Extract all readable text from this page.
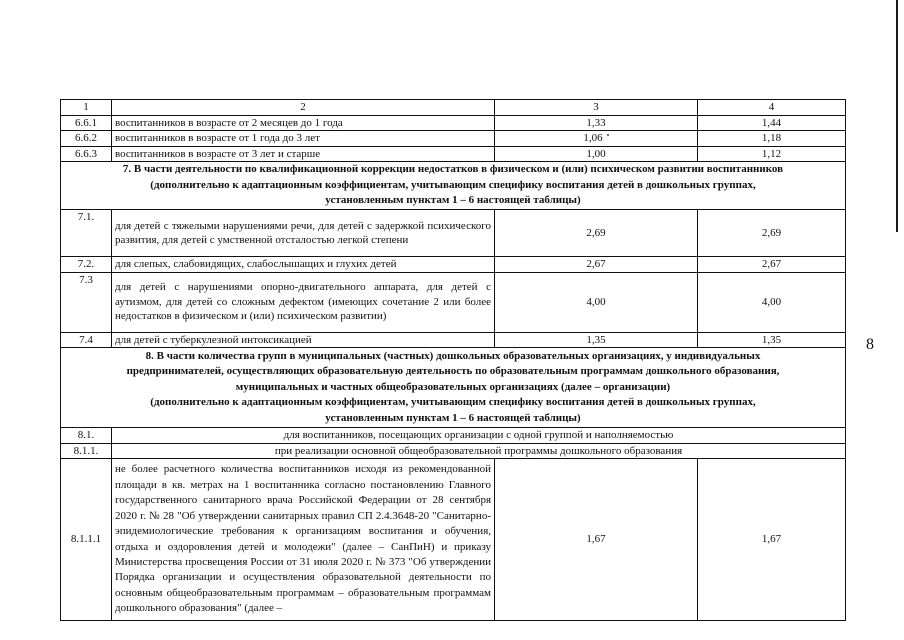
8
1	2	3	4
6.6.1	воспитанников в возрасте от 2 месяцев до 1 года	1,33	1,44
6.6.2	воспитанников в возрасте от 1 года до 3 лет	1,06	1,18
6.6.3	воспитанников в возрасте от 3 лет и старше	1,00	1,12

7. В части деятельности по квалификационной коррекции недостатков в физическом и (или) психическом развитии воспитанников
(дополнительно к адаптационным коэффициентам, учитывающим специфику воспитания детей в дошкольных группах,
установленным пунктам 1 – 6 настоящей таблицы)			

7.1.	для детей с тяжелыми нарушениями речи, для детей с задержкой психического развития, для детей с умственной отсталостью легкой степени	2,69	2,69
7.2.	для слепых, слабовидящих, слабослышащих и глухих детей	2,67	2,67
7.3	для детей с нарушениями опорно-двигательного аппарата, для детей с аутизмом, для детей со сложным дефектом (имеющих сочетание 2 или более недостатков в физическом и (или) психическом развитии)	4,00	4,00
7.4	для детей с туберкулезной интоксикацией	1,35	1,35

8. В части количества групп в муниципальных (частных) дошкольных образовательных организациях, у индивидуальных
предпринимателей, осуществляющих образовательную деятельность по образовательным программам дошкольного образования,
муниципальных и частных общеобразовательных организациях (далее – организации)
(дополнительно к адаптационным коэффициентам, учитывающим специфику воспитания детей в дошкольных группах,
установленным пунктам 1 – 6 настоящей таблицы)			

8.1.	для воспитанников, посещающих организации с одной группой и наполняемостью		
8.1.1.	при реализации основной общеобразовательной программы дошкольного образования		
8.1.1.1	не более расчетного количества воспитанников исходя из рекомендованной площади в кв. метрах на 1 воспитанника согласно постановлению Главного государственного санитарного врача Российской Федерации от 28 сентября 2020 г. № 28 "Об утверждении санитарных правил СП 2.4.3648-20 "Санитарно-эпидемиологические требования к организациям воспитания и обучения, отдыха и оздоровления детей и молодежи" (далее – СанПиН) и приказу Министерства просвещения России от 31 июля 2020 г. № 373 "Об утверждении Порядка организации и осуществления образовательной деятельности по основным общеобразовательным программам – образовательным программам дошкольного образования" (далее –	1,67	1,67
